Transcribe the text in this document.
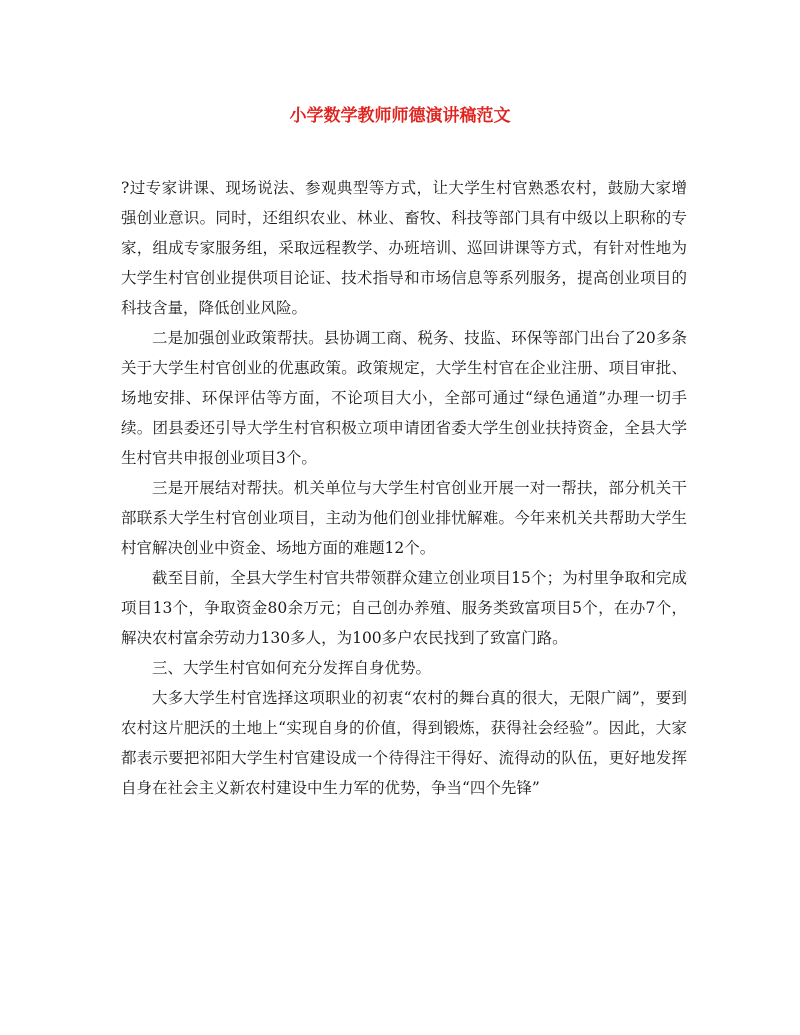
小学数学教师师德演讲稿范文

?过专家讲课、现场说法、参观典型等方式，让大学生村官熟悉农村，鼓励大家增强创业意识。同时，还组织农业、林业、畜牧、科技等部门具有中级以上职称的专家，组成专家服务组，采取远程教学、办班培训、巡回讲课等方式，有针对性地为大学生村官创业提供项目论证、技术指导和市场信息等系列服务，提高创业项目的科技含量，降低创业风险。

二是加强创业政策帮扶。县协调工商、税务、技监、环保等部门出台了20多条关于大学生村官创业的优惠政策。政策规定，大学生村官在企业注册、项目审批、场地安排、环保评估等方面，不论项目大小，全部可通过“绿色通道”办理一切手续。团县委还引导大学生村官积极立项申请团省委大学生创业扶持资金，全县大学生村官共申报创业项目3个。

三是开展结对帮扶。机关单位与大学生村官创业开展一对一帮扶，部分机关干部联系大学生村官创业项目，主动为他们创业排忧解难。今年来机关共帮助大学生村官解决创业中资金、场地方面的难题12个。

截至目前，全县大学生村官共带领群众建立创业项目15个；为村里争取和完成项目13个，争取资金80余万元；自己创办养殖、服务类致富项目5个，在办7个，解决农村富余劳动力130多人，为100多户农民找到了致富门路。

三、大学生村官如何充分发挥自身优势。

大多大学生村官选择这项职业的初衷“农村的舞台真的很大，无限广阔”，要到农村这片肥沃的土地上“实现自身的价值，得到锻炼，获得社会经验”。因此，大家都表示要把祁阳大学生村官建设成一个待得注干得好、流得动的队伍，更好地发挥自身在社会主义新农村建设中生力军的优势，争当“四个先锋”
